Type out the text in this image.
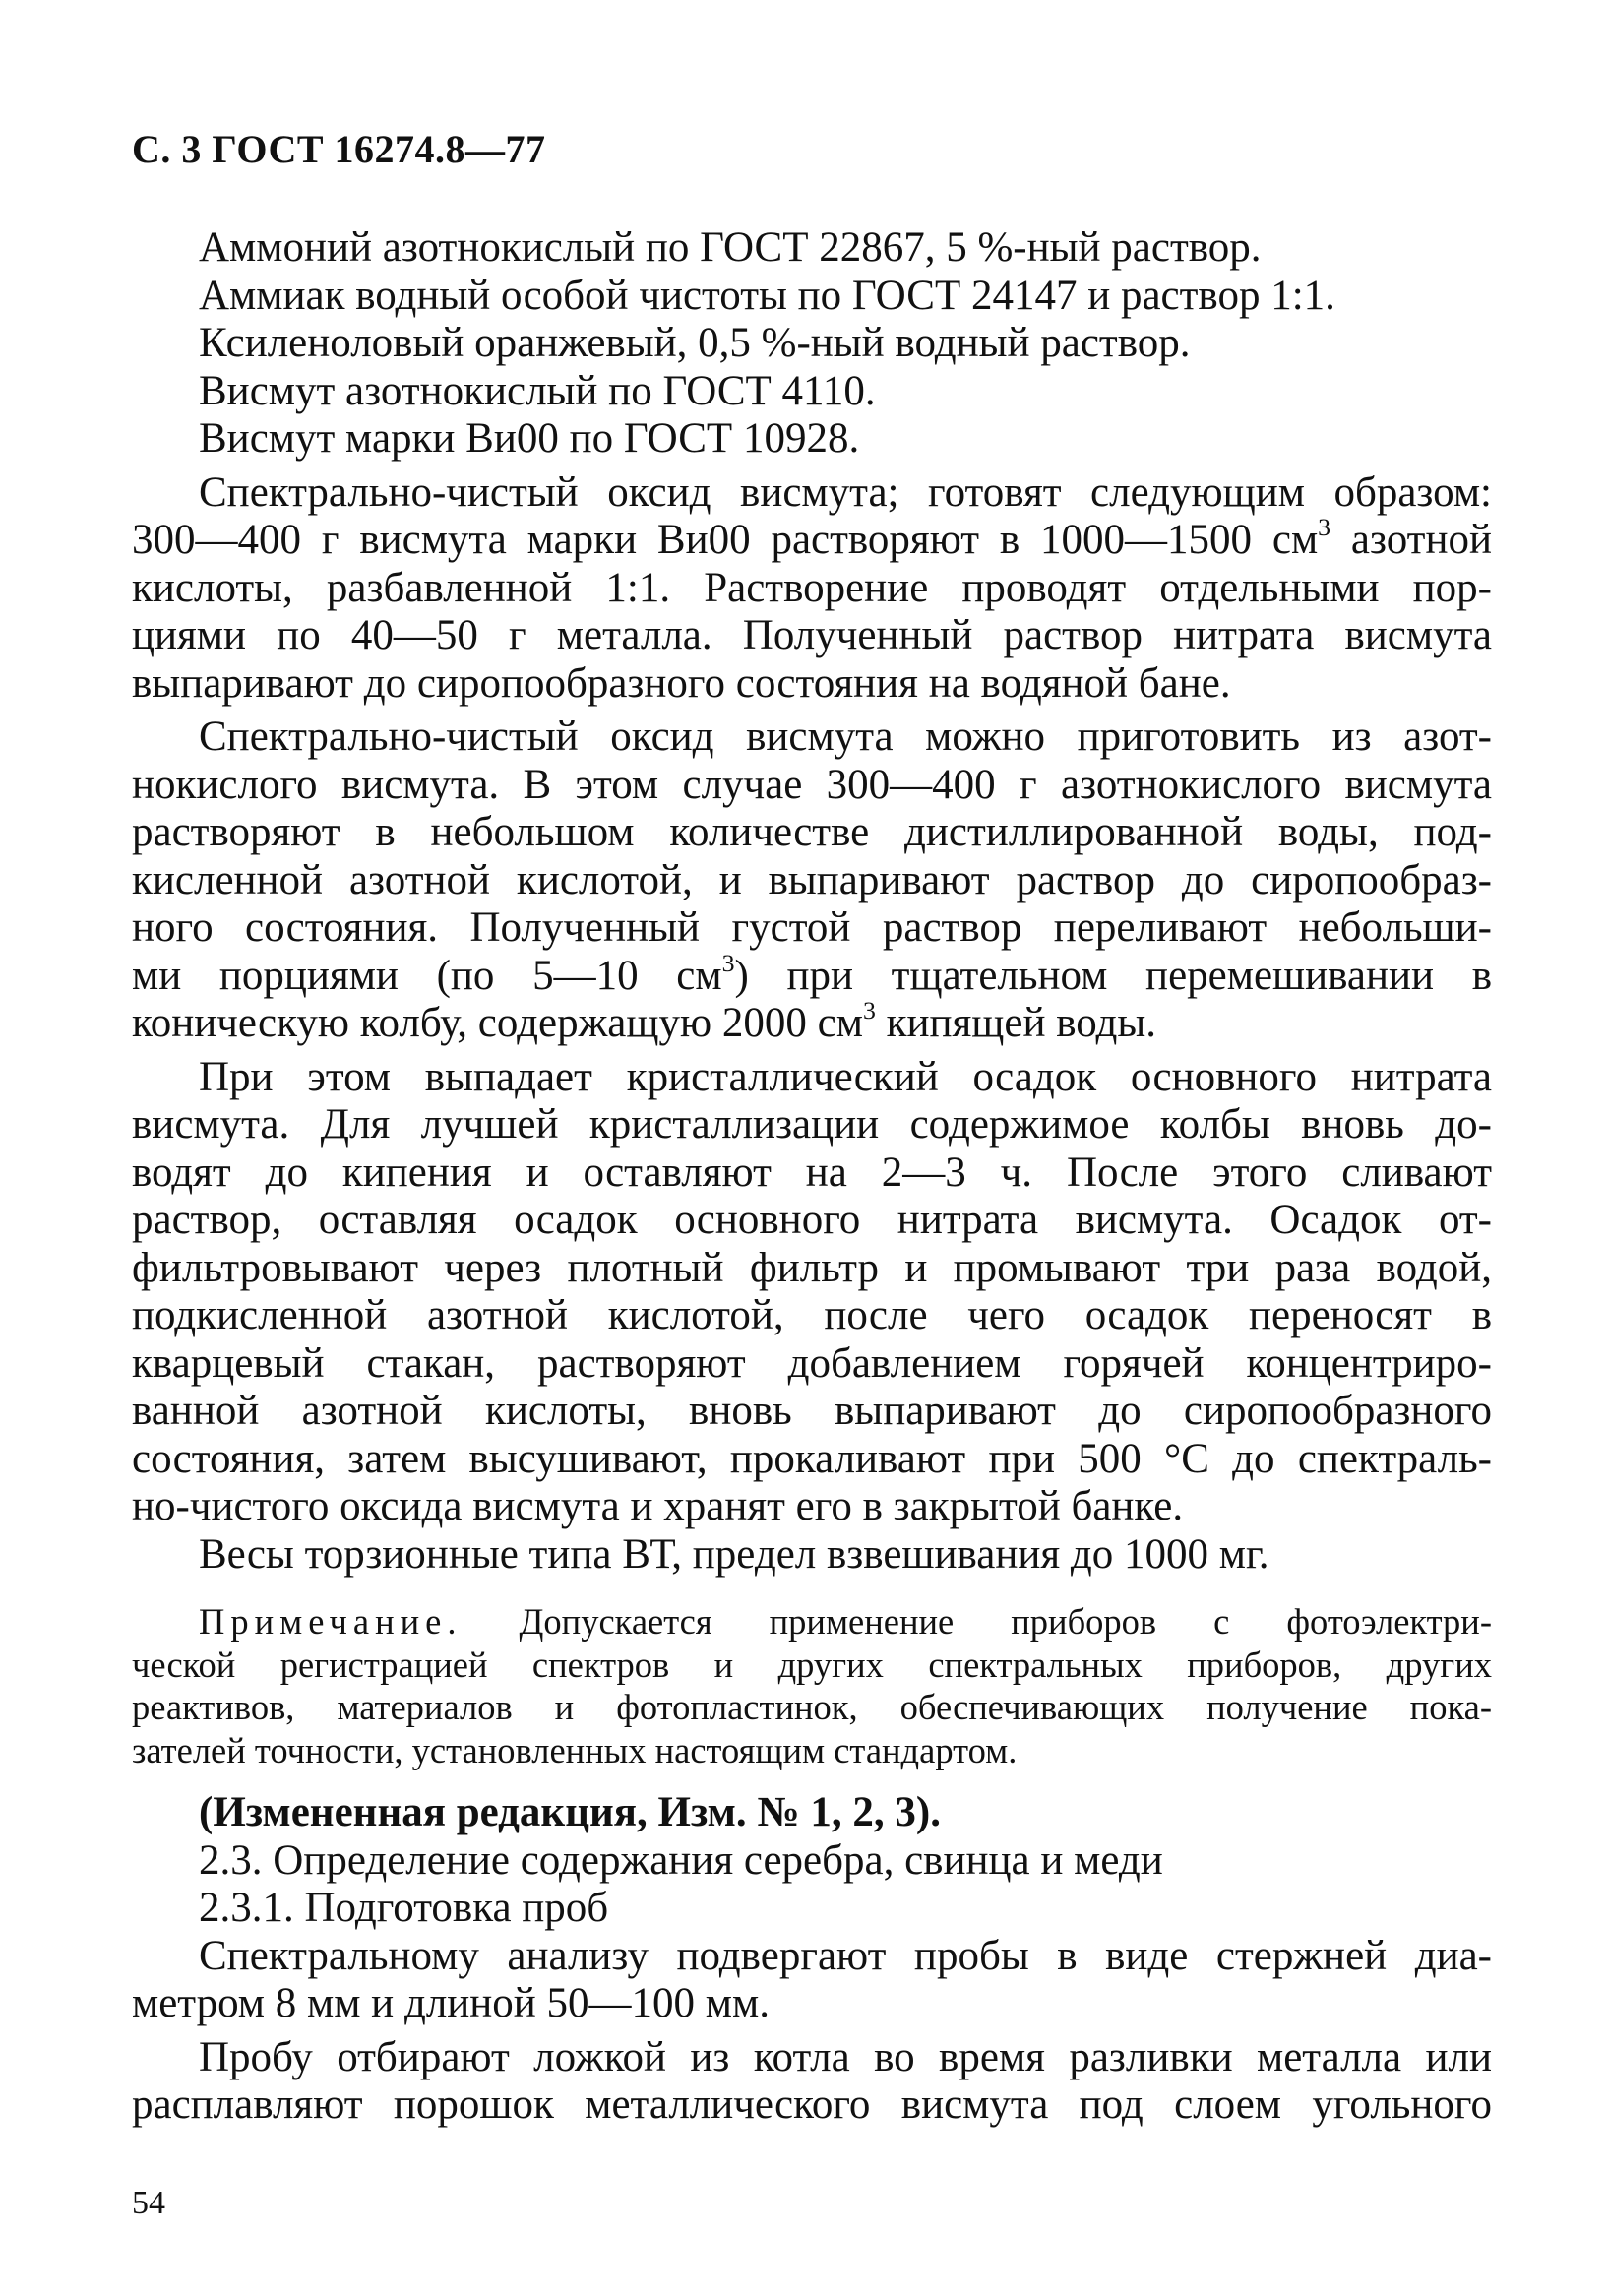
С. 3 ГОСТ 16274.8—77
Аммоний азотнокислый по ГОСТ 22867, 5 %-ный раствор.
Аммиак водный особой чистоты по ГОСТ 24147 и раствор 1:1.
Ксиленоловый оранжевый, 0,5 %-ный водный раствор.
Висмут азотнокислый по ГОСТ 4110.
Висмут марки Ви00 по ГОСТ 10928.
Спектрально-чистый оксид висмута; готовят следующим образом:
300—400 г висмута марки Ви00 растворяют в 1000—1500 $см^3$ азотной
кислоты, разбавленной 1:1. Растворение проводят отдельными пор-
циями по 40—50 г металла. Полученный раствор нитрата висмута
выпаривают до сиропообразного состояния на водяной бане.
Спектрально-чистый оксид висмута можно приготовить из азот-
нокислого висмута. В этом случае 300—400 г азотнокислого висмута
растворяют в небольшом количестве дистиллированной воды, под-
кисленной азотной кислотой, и выпаривают раствор до сиропообраз-
ного состояния. Полученный густой раствор переливают небольши-
ми порциями (по 5—10 $см^3$) при тщательном перемешивании в
коническую колбу, содержащую 2000 $см^3$ кипящей воды.
При этом выпадает кристаллический осадок основного нитрата
висмута. Для лучшей кристаллизации содержимое колбы вновь до-
водят до кипения и оставляют на 2—3 ч. После этого сливают
раствор, оставляя осадок основного нитрата висмута. Осадок от-
фильтровывают через плотный фильтр и промывают три раза водой,
подкисленной азотной кислотой, после чего осадок переносят в
кварцевый стакан, растворяют добавлением горячей концентриро-
ванной азотной кислоты, вновь выпаривают до сиропообразного
состояния, затем высушивают, прокаливают при 500 °С до спектраль-
но-чистого оксида висмута и хранят его в закрытой банке.
Весы торзионные типа ВТ, предел взвешивания до 1000 мг.
Примечание. Допускается применение приборов с фотоэлектри-
ческой регистрацией спектров и других спектральных приборов, других
реактивов, материалов и фотопластинок, обеспечивающих получение пока-
зателей точности, установленных настоящим стандартом.
(Измененная редакция, Изм. № 1, 2, 3).
2.3. Определение содержания серебра, свинца и меди
2.3.1. Подготовка проб
Спектральному анализу подвергают пробы в виде стержней диа-
метром 8 мм и длиной 50—100 мм.
Пробу отбирают ложкой из котла во время разливки металла или
расплавляют порошок металлического висмута под слоем угольного
54
